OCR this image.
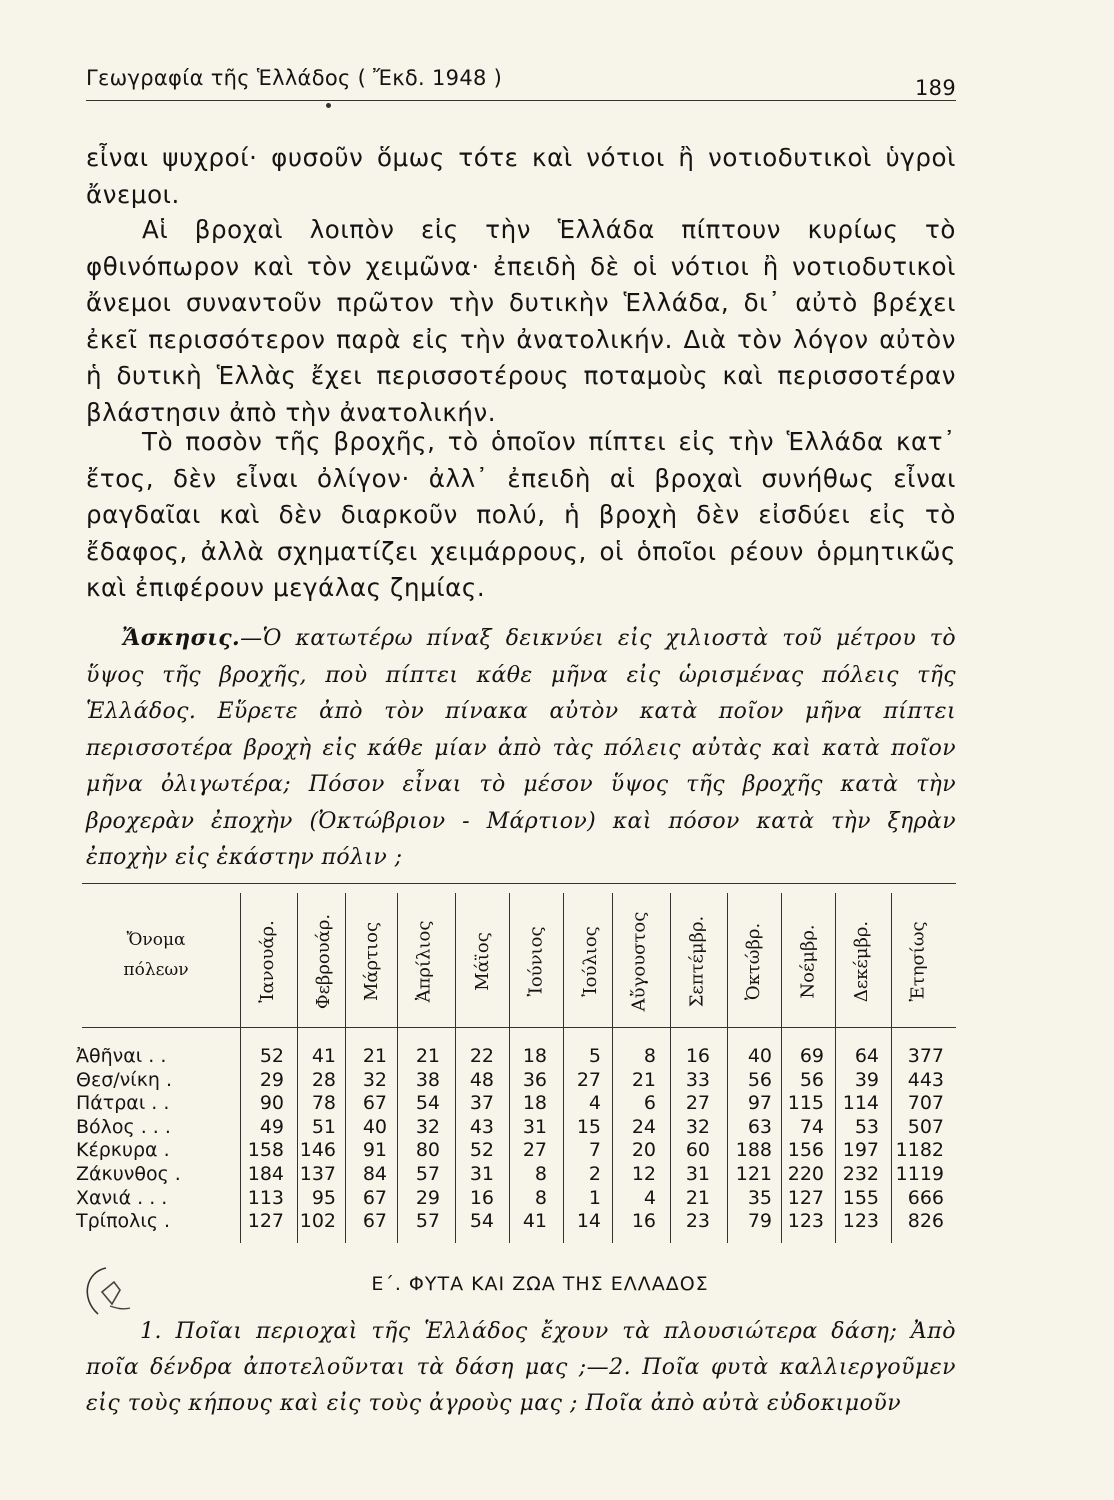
Γεωγραφία τῆς Ἑλλάδος ( Ἔκδ. 1948 )	189
εἶναι ψυχροί· φυσοῦν ὅμως τότε καὶ νότιοι ἢ νοτιοδυτικοὶ ὑγροὶ ἄνεμοι.
Αἱ βροχαὶ λοιπὸν εἰς τὴν Ἑλλάδα πίπτουν κυρίως τὸ φθινόπωρον καὶ τὸν χειμῶνα· ἐπειδὴ δὲ οἱ νότιοι ἢ νοτιοδυτικοὶ ἄνεμοι συναντοῦν πρῶτον τὴν δυτικὴν Ἑλλάδα, δι᾽ αὐτὸ βρέχει ἐκεῖ περισσότερον παρὰ εἰς τὴν ἀνατολικήν. Διὰ τὸν λόγον αὐτὸν ἡ δυτικὴ Ἑλλὰς ἔχει περισσοτέρους ποταμοὺς καὶ περισσοτέραν βλάστησιν ἀπὸ τὴν ἀνατολικήν.
Τὸ ποσὸν τῆς βροχῆς, τὸ ὁποῖον πίπτει εἰς τὴν Ἑλλάδα κατ᾽ ἔτος, δὲν εἶναι ὀλίγον· ἀλλ᾽ ἐπειδὴ αἱ βροχαὶ συνήθως εἶναι ραγδαῖαι καὶ δὲν διαρκοῦν πολύ, ἡ βροχὴ δὲν εἰσδύει εἰς τὸ ἔδαφος, ἀλλὰ σχηματίζει χειμάρρους, οἱ ὁποῖοι ρέουν ὁρμητικῶς καὶ ἐπιφέρουν μεγάλας ζημίας.
Ἄσκησις.—Ὁ κατωτέρω πίναξ δεικνύει εἰς χιλιοστὰ τοῦ μέτρου τὸ ὕψος τῆς βροχῆς, ποὺ πίπτει κάθε μῆνα εἰς ὡρισμένας πόλεις τῆς Ἑλλάδος. Εὕρετε ἀπὸ τὸν πίνακα αὐτὸν κατὰ ποῖον μῆνα πίπτει περισσοτέρα βροχὴ εἰς κάθε μίαν ἀπὸ τὰς πόλεις αὐτὰς καὶ κατὰ ποῖον μῆνα ὀλιγωτέρα; Πόσον εἶναι τὸ μέσον ὕψος τῆς βροχῆς κατὰ τὴν βροχερὰν ἐποχὴν (Ὀκτώβριον - Μάρτιον) καὶ πόσον κατὰ τὴν ξηρὰν ἐποχὴν εἰς ἑκάστην πόλιν ;
Ὄνομα
πόλεων	Ἰανουάρ. Φεβρουάρ. Μάρτιος Ἀπρίλιος Μάϊος Ἰούνιος Ἰούλιος Αὔγουστος Σεπτέμβρ. Ὀκτώβρ. Νοέμβρ. Δεκέμβρ. Ἐτησίως
Ἀθῆναι . .	52	41	21	21	22	18	5	8	16	40	69	64	377
Θεσ/νίκη .	29	28	32	38	48	36	27	21	33	56	56	39	443
Πάτραι . .	90	78	67	54	37	18	4	6	27	97 115 114	707
Βόλος . . .	49	51	40	32	43	31	15	24	32	63	74	53	507
Κέρκυρα .	158 146	91	80	52	27	7	20	60	188 156 197 1182
Ζάκυνθος .	184 137	84	57	31	8	2	12	31	121 220 232 1119
Χανιά . . .	113	95	67	29	16	8	1	4	21	35 127 155	666
Τρίπολις .	127 102	67	57	54	41	14	16	23	79 123 123	826
Ε΄. ΦΥΤΑ ΚΑΙ ΖΩΑ ΤΗΣ ΕΛΛΑΔΟΣ
1. Ποῖαι περιοχαὶ τῆς Ἑλλάδος ἔχουν τὰ πλουσιώτερα δάση; Ἀπὸ ποῖα δένδρα ἀποτελοῦνται τὰ δάση μας ;—2. Ποῖα φυτὰ καλλιεργοῦμεν εἰς τοὺς κήπους καὶ εἰς τοὺς ἀγροὺς μας ; Ποῖα ἀπὸ αὐτὰ εὐδοκιμοῦν
